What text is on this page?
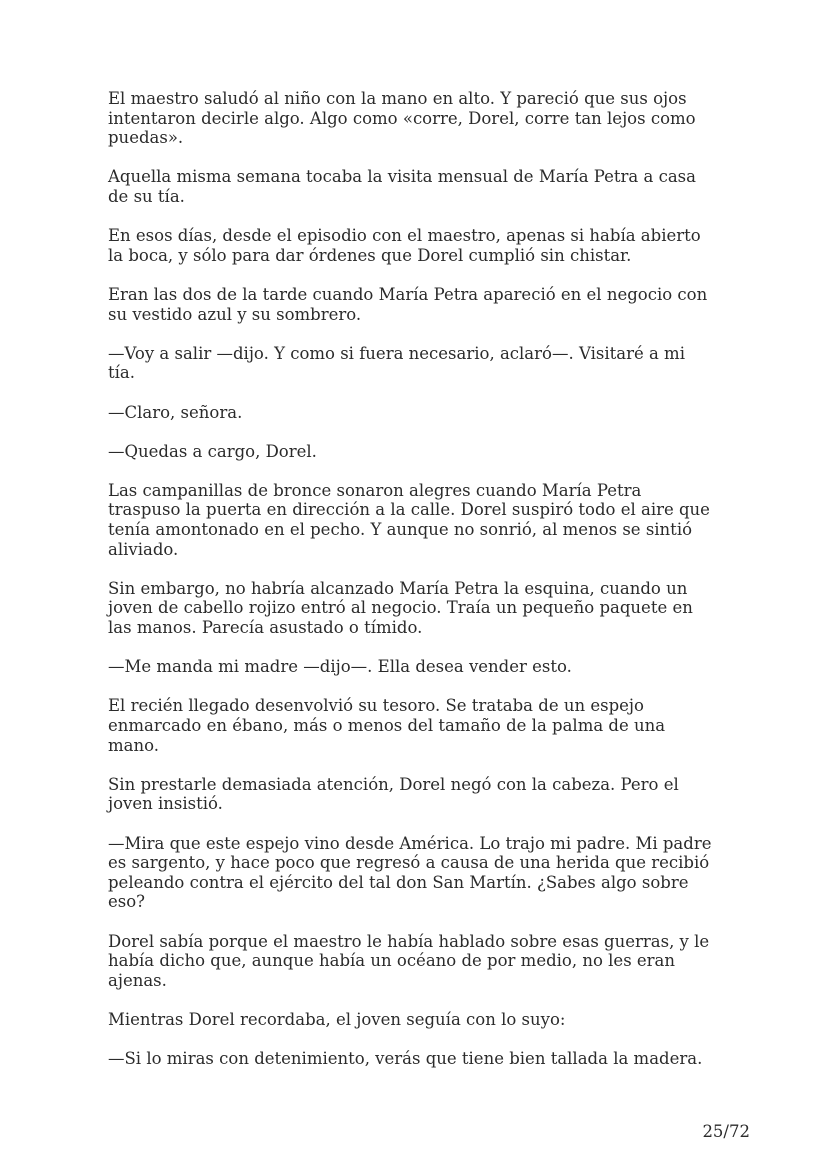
El maestro saludó al niño con la mano en alto. Y pareció que sus ojos
intentaron decirle algo. Algo como «corre, Dorel, corre tan lejos como
puedas».

Aquella misma semana tocaba la visita mensual de María Petra a casa
de su tía.

En esos días, desde el episodio con el maestro, apenas si había abierto
la boca, y sólo para dar órdenes que Dorel cumplió sin chistar.

Eran las dos de la tarde cuando María Petra apareció en el negocio con
su vestido azul y su sombrero.

—Voy a salir —dijo. Y como si fuera necesario, aclaró—. Visitaré a mi
tía.

—Claro, señora.

—Quedas a cargo, Dorel.

Las campanillas de bronce sonaron alegres cuando María Petra
traspuso la puerta en dirección a la calle. Dorel suspiró todo el aire que
tenía amontonado en el pecho. Y aunque no sonrió, al menos se sintió
aliviado.

Sin embargo, no habría alcanzado María Petra la esquina, cuando un
joven de cabello rojizo entró al negocio. Traía un pequeño paquete en
las manos. Parecía asustado o tímido.

—Me manda mi madre —dijo—. Ella desea vender esto.

El recién llegado desenvolvió su tesoro. Se trataba de un espejo
enmarcado en ébano, más o menos del tamaño de la palma de una
mano.

Sin prestarle demasiada atención, Dorel negó con la cabeza. Pero el
joven insistió.

—Mira que este espejo vino desde América. Lo trajo mi padre. Mi padre
es sargento, y hace poco que regresó a causa de una herida que recibió
peleando contra el ejército del tal don San Martín. ¿Sabes algo sobre
eso?

Dorel sabía porque el maestro le había hablado sobre esas guerras, y le
había dicho que, aunque había un océano de por medio, no les eran
ajenas.

Mientras Dorel recordaba, el joven seguía con lo suyo:

—Si lo miras con detenimiento, verás que tiene bien tallada la madera.

25/72
